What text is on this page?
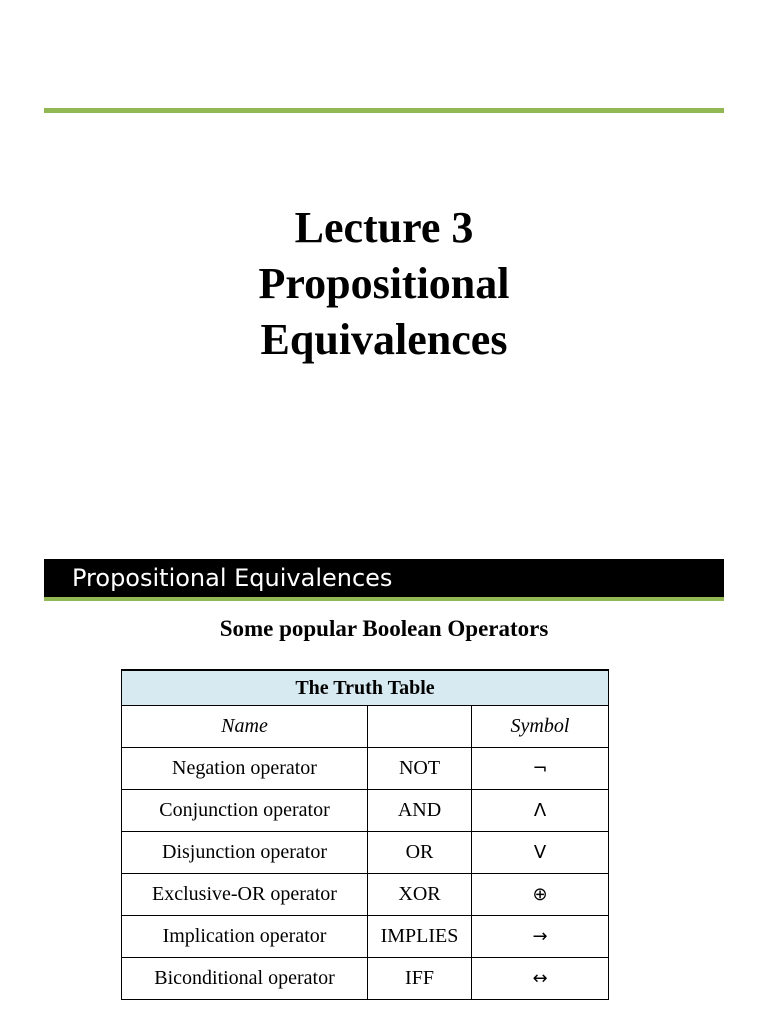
Lecture 3
Propositional
Equivalences
Propositional Equivalences
Some popular Boolean Operators
The Truth Table		
Name		Symbol
Negation operator	NOT	¬
Conjunction operator	AND	Λ
Disjunction operator	OR	V
Exclusive-OR operator	XOR	⊕
Implication operator	IMPLIES	→
Biconditional operator	IFF	↔
